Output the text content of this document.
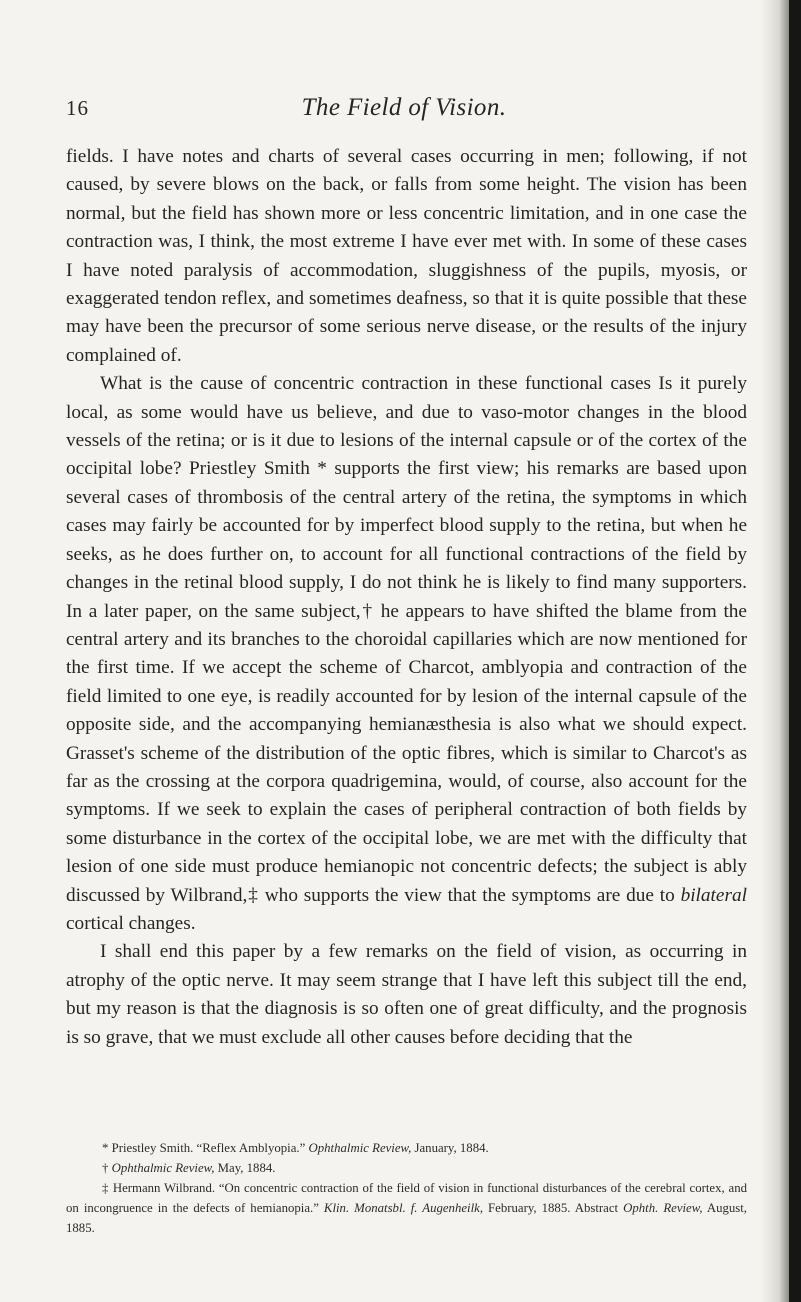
16	The Field of Vision.

fields. I have notes and charts of several cases occurring in men; following, if not caused, by severe blows on the back, or falls from some height. The vision has been normal, but the field has shown more or less concentric limitation, and in one case the contraction was, I think, the most extreme I have ever met with. In some of these cases I have noted paralysis of accommodation, sluggishness of the pupils, myosis, or exaggerated tendon reflex, and sometimes deafness, so that it is quite possible that these may have been the precursor of some serious nerve disease, or the results of the injury complained of.

What is the cause of concentric contraction in these functional cases Is it purely local, as some would have us believe, and due to vaso-motor changes in the blood vessels of the retina; or is it due to lesions of the internal capsule or of the cortex of the occipital lobe? Priestley Smith * supports the first view; his remarks are based upon several cases of thrombosis of the central artery of the retina, the symptoms in which cases may fairly be accounted for by imperfect blood supply to the retina, but when he seeks, as he does further on, to account for all functional contractions of the field by changes in the retinal blood supply, I do not think he is likely to find many supporters. In a later paper, on the same subject,† he appears to have shifted the blame from the central artery and its branches to the choroidal capillaries which are now mentioned for the first time. If we accept the scheme of Charcot, amblyopia and contraction of the field limited to one eye, is readily accounted for by lesion of the internal capsule of the opposite side, and the accompanying hemianæsthesia is also what we should expect. Grasset's scheme of the distribution of the optic fibres, which is similar to Charcot's as far as the crossing at the corpora quadrigemina, would, of course, also account for the symptoms. If we seek to explain the cases of peripheral contraction of both fields by some disturbance in the cortex of the occipital lobe, we are met with the difficulty that lesion of one side must produce hemianopic not concentric defects; the subject is ably discussed by Wilbrand,‡ who supports the view that the symptoms are due to bilateral cortical changes.

I shall end this paper by a few remarks on the field of vision, as occurring in atrophy of the optic nerve. It may seem strange that I have left this subject till the end, but my reason is that the diagnosis is so often one of great difficulty, and the prognosis is so grave, that we must exclude all other causes before deciding that the

* Priestley Smith. “Reflex Amblyopia.” Ophthalmic Review, January, 1884.

† Ophthalmic Review, May, 1884.

‡ Hermann Wilbrand. “On concentric contraction of the field of vision in functional disturbances of the cerebral cortex, and on incongruence in the defects of hemianopia.” Klin. Monatsbl. f. Augenheilk, February, 1885. Abstract Ophth. Review, August, 1885.
